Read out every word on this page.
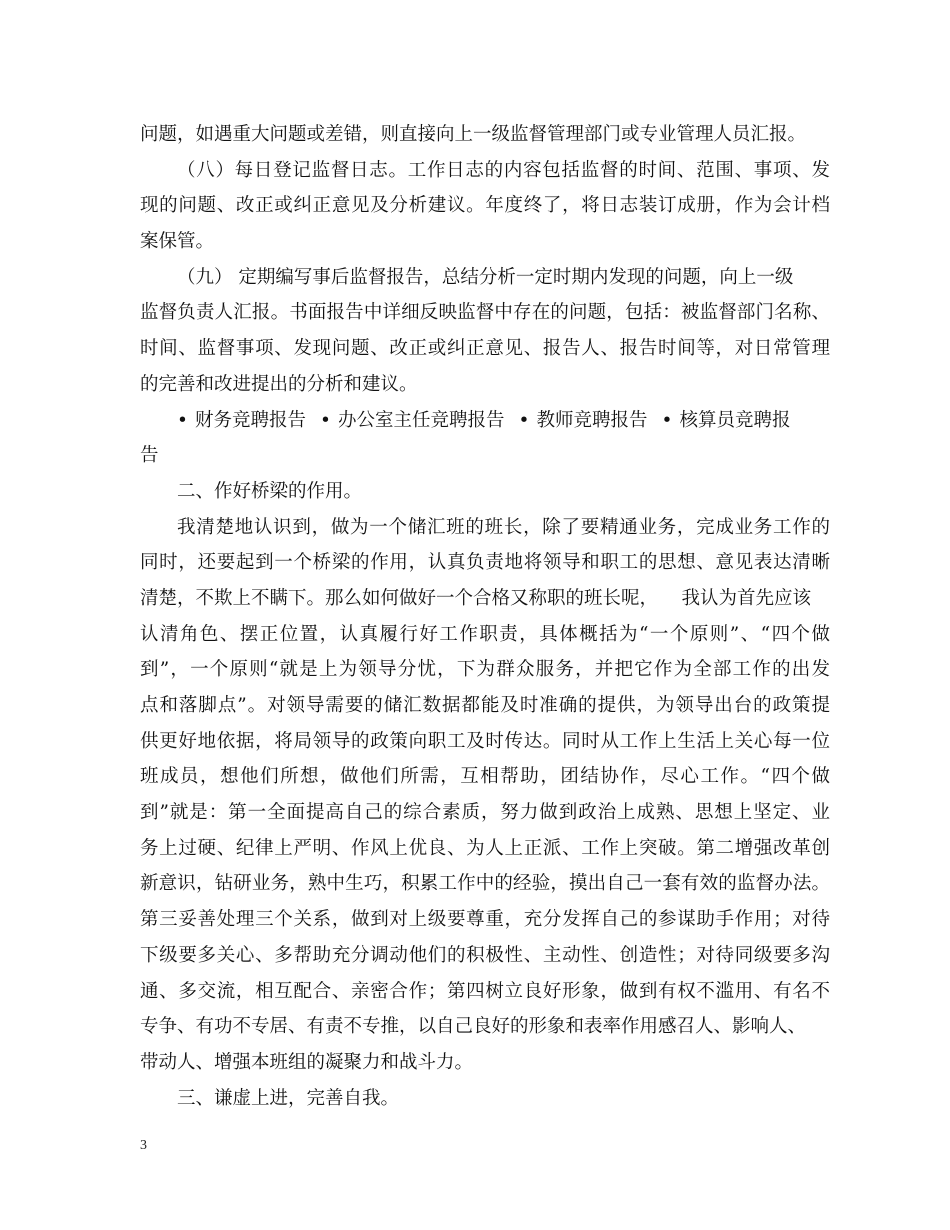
问题，如遇重大问题或差错，则直接向上一级监督管理部门或专业管理人员汇报。
（八）每日登记监督日志。工作日志的内容包括监督的时间、范围、事项、发
现的问题、改正或纠正意见及分析建议。年度终了，将日志装订成册，作为会计档
案保管。
（九） 定期编写事后监督报告，总结分析一定时期内发现的问题，向上一级
监督负责人汇报。书面报告中详细反映监督中存在的问题，包括：被监督部门名称、
时间、监督事项、发现问题、改正或纠正意见、报告人、报告时间等，对日常管理
的完善和改进提出的分析和建议。
• 财务竞聘报告 • 办公室主任竞聘报告 • 教师竞聘报告 • 核算员竞聘报
告
二、作好桥梁的作用。
我清楚地认识到，做为一个储汇班的班长，除了要精通业务，完成业务工作的
同时，还要起到一个桥梁的作用，认真负责地将领导和职工的思想、意见表达清晰
清楚，不欺上不瞒下。那么如何做好一个合格又称职的班长呢，    我认为首先应该
认清角色、摆正位置，认真履行好工作职责，具体概括为“一个原则”、“四个做
到”，一个原则“就是上为领导分忧，下为群众服务，并把它作为全部工作的出发
点和落脚点”。对领导需要的储汇数据都能及时准确的提供，为领导出台的政策提
供更好地依据，将局领导的政策向职工及时传达。同时从工作上生活上关心每一位
班成员，想他们所想，做他们所需，互相帮助，团结协作，尽心工作。“四个做
到”就是：第一全面提高自己的综合素质，努力做到政治上成熟、思想上坚定、业
务上过硬、纪律上严明、作风上优良、为人上正派、工作上突破。第二增强改革创
新意识，钻研业务，熟中生巧，积累工作中的经验，摸出自己一套有效的监督办法。
第三妥善处理三个关系，做到对上级要尊重，充分发挥自己的参谋助手作用；对待
下级要多关心、多帮助充分调动他们的积极性、主动性、创造性；对待同级要多沟
通、多交流，相互配合、亲密合作；第四树立良好形象，做到有权不滥用、有名不
专争、有功不专居、有责不专推，以自己良好的形象和表率作用感召人、影响人、
带动人、增强本班组的凝聚力和战斗力。
三、谦虚上进，完善自我。
3
